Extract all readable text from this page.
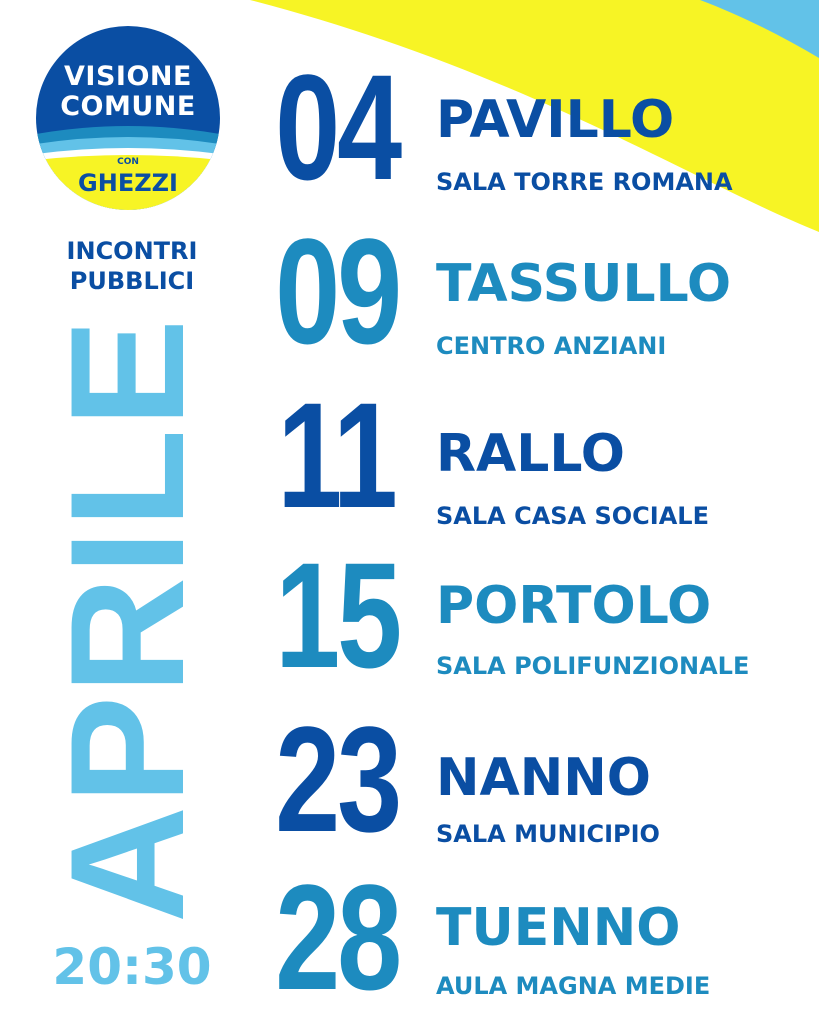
VISIONE
COMUNE
CON
GHEZZI
INCONTRI
PUBBLICI
APRILE
20:30
04 PAVILLO
SALA TORRE ROMANA
09 TASSULLO
CENTRO ANZIANI
11 RALLO
SALA CASA SOCIALE
15 PORTOLO
SALA POLIFUNZIONALE
23 NANNO
SALA MUNICIPIO
28 TUENNO
AULA MAGNA MEDIE
